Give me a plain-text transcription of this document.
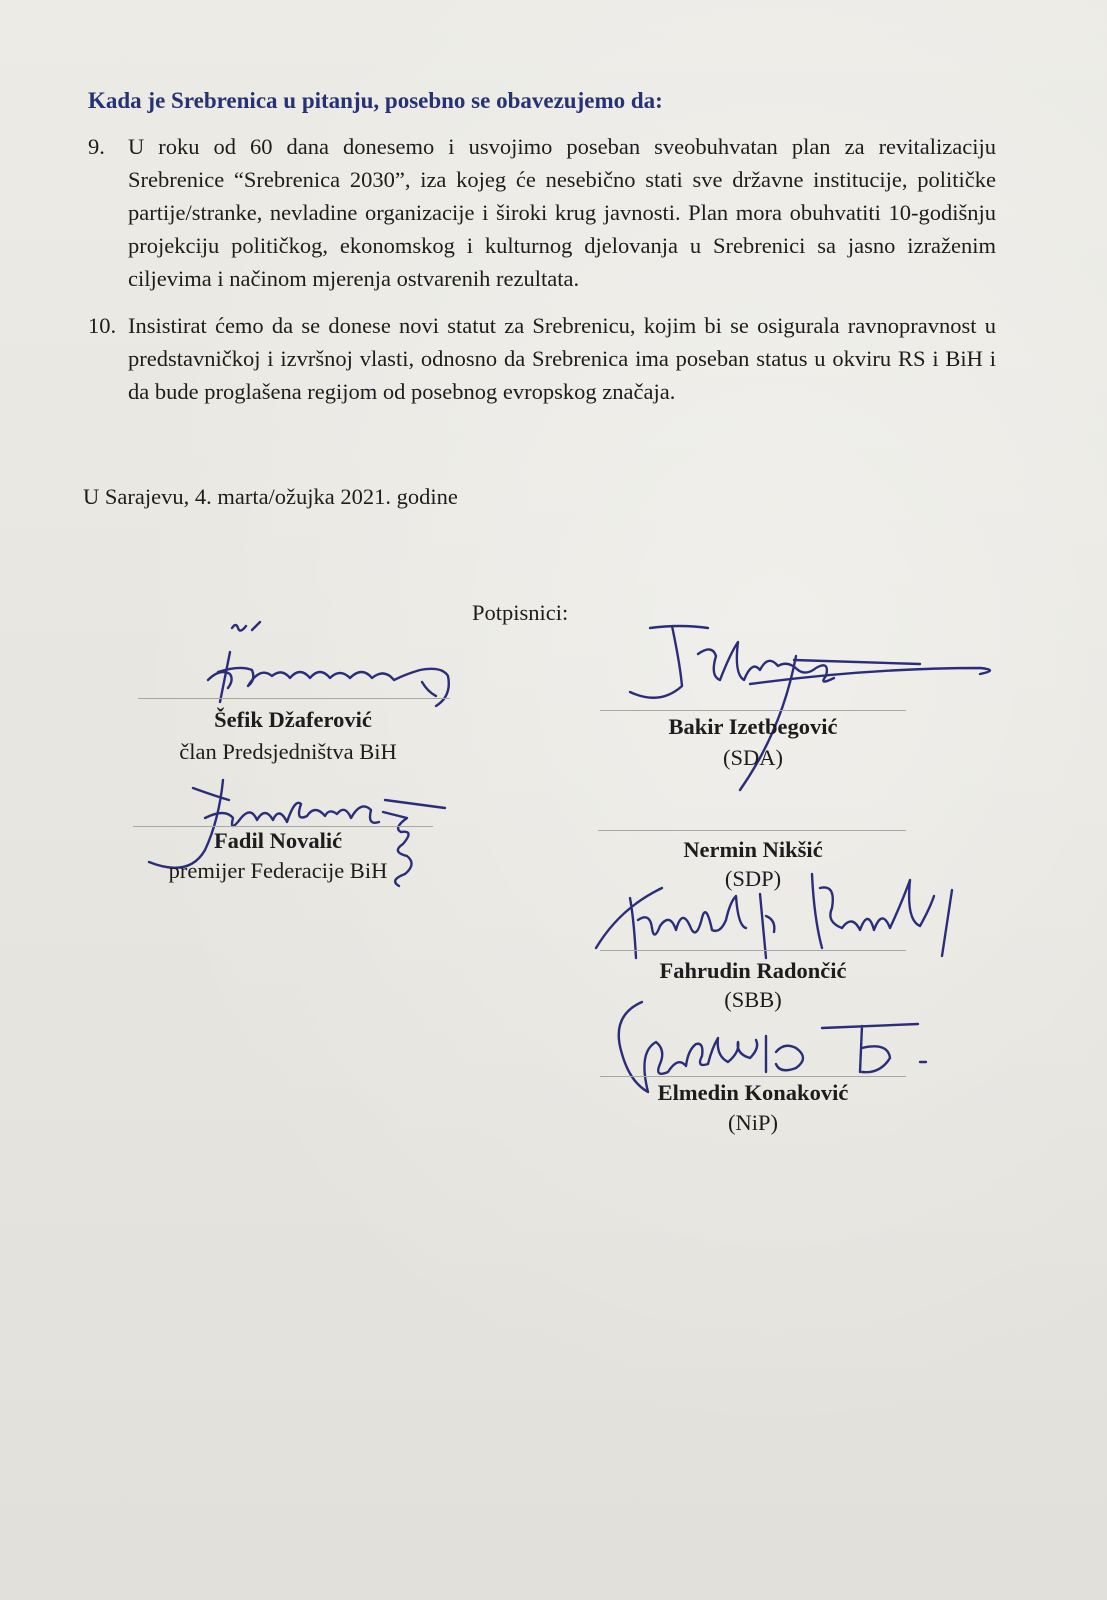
Kada je Srebrenica u pitanju, posebno se obavezujemo da:
9. U roku od 60 dana donesemo i usvojimo poseban sveobuhvatan plan za revitalizaciju Srebrenice “Srebrenica 2030”, iza kojeg će nesebično stati sve državne institucije, političke partije/stranke, nevladine organizacije i široki krug javnosti. Plan mora obuhvatiti 10-godišnju projekciju političkog, ekonomskog i kulturnog djelovanja u Srebrenici sa jasno izraženim ciljevima i načinom mjerenja ostvarenih rezultata.

10. Insistirat ćemo da se donese novi statut za Srebrenicu, kojim bi se osigurala ravnopravnost u predstavničkoj i izvršnoj vlasti, odnosno da Srebrenica ima poseban status u okviru RS i BiH i da bude proglašena regijom od posebnog evropskog značaja.

U Sarajevu, 4. marta/ožujka 2021. godine
Potpisnici:
Šefik Džaferović
član Predsjedništva BiH
Fadil Novalić
premijer Federacije BiH
Bakir Izetbegović
(SDA)
Nermin Nikšić
(SDP)
Fahrudin Radončić
(SBB)
Elmedin Konaković
(NiP)
